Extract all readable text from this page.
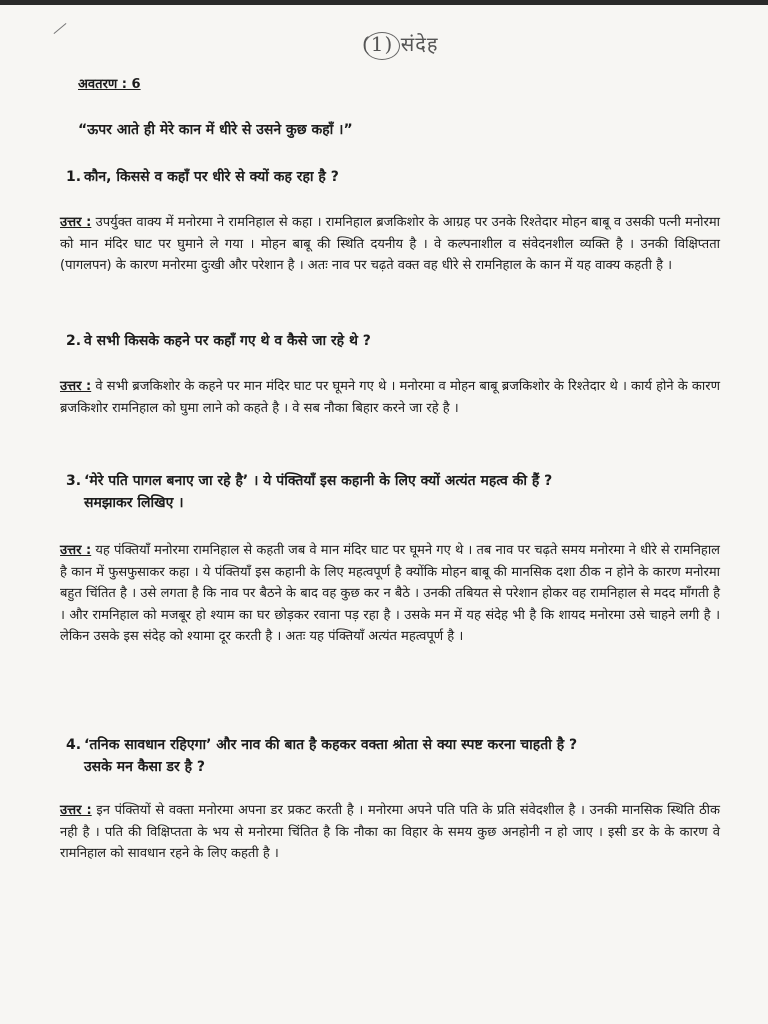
(1) संदेह
अवतरण : 6
“ऊपर आते ही मेरे कान में धीरे से उसने कुछ कहाँ ।”
1. कौन, किससे व कहाँ पर धीरे से क्यों कह रहा है ?
उत्तर : उपर्युक्त वाक्य में मनोरमा ने रामनिहाल से कहा । रामनिहाल ब्रजकिशोर के आग्रह पर उनके रिश्तेदार मोहन बाबू व उसकी पत्नी मनोरमा को मान मंदिर घाट पर घुमाने ले गया । मोहन बाबू की स्थिति दयनीय है । वे कल्पनाशील व संवेदनशील व्यक्ति है । उनकी विक्षिप्तता (पागलपन) के कारण मनोरमा दुःखी और परेशान है । अतः नाव पर चढ़ते वक्त वह धीरे से रामनिहाल के कान में यह वाक्य कहती है ।
2. वे सभी किसके कहने पर कहाँ गए थे व कैसे जा रहे थे ?
उत्तर : वे सभी ब्रजकिशोर के कहने पर मान मंदिर घाट पर घूमने गए थे । मनोरमा व मोहन बाबू ब्रजकिशोर के रिश्तेदार थे । कार्य होने के कारण ब्रजकिशोर रामनिहाल को घुमा लाने को कहते है । वे सब नौका बिहार करने जा रहे है ।
3. ‘मेरे पति पागल बनाए जा रहे है’ । ये पंक्तियाँ इस कहानी के लिए क्यों अत्यंत महत्व की हैं ?
समझाकर लिखिए ।
उत्तर : यह पंक्तियाँ मनोरमा रामनिहाल से कहती जब वे मान मंदिर घाट पर घूमने गए थे । तब नाव पर चढ़ते समय मनोरमा ने धीरे से रामनिहाल है कान में फुसफुसाकर कहा । ये पंक्तियाँ इस कहानी के लिए महत्वपूर्ण है क्योंकि मोहन बाबू की मानसिक दशा ठीक न होने के कारण मनोरमा बहुत चिंतित है । उसे लगता है कि नाव पर बैठने के बाद वह कुछ कर न बैठे । उनकी तबियत से परेशान होकर वह रामनिहाल से मदद माँगती है । और रामनिहाल को मजबूर हो श्याम का घर छोड़कर रवाना पड़ रहा है । उसके मन में यह संदेह भी है कि शायद मनोरमा उसे चाहने लगी है । लेकिन उसके इस संदेह को श्यामा दूर करती है । अतः यह पंक्तियाँ अत्यंत महत्वपूर्ण है ।
4. ‘तनिक सावधान रहिएगा’ और नाव की बात है कहकर वक्ता श्रोता से क्या स्पष्ट करना चाहती है ?
उसके मन कैसा डर है ?
उत्तर : इन पंक्तियों से वक्ता मनोरमा अपना डर प्रकट करती है । मनोरमा अपने पति पति के प्रति संवेदशील है । उनकी मानसिक स्थिति ठीक नही है । पति की विक्षिप्तता के भय से मनोरमा चिंतित है कि नौका का विहार के समय कुछ अनहोनी न हो जाए । इसी डर के के कारण वे रामनिहाल को सावधान रहने के लिए कहती है ।
